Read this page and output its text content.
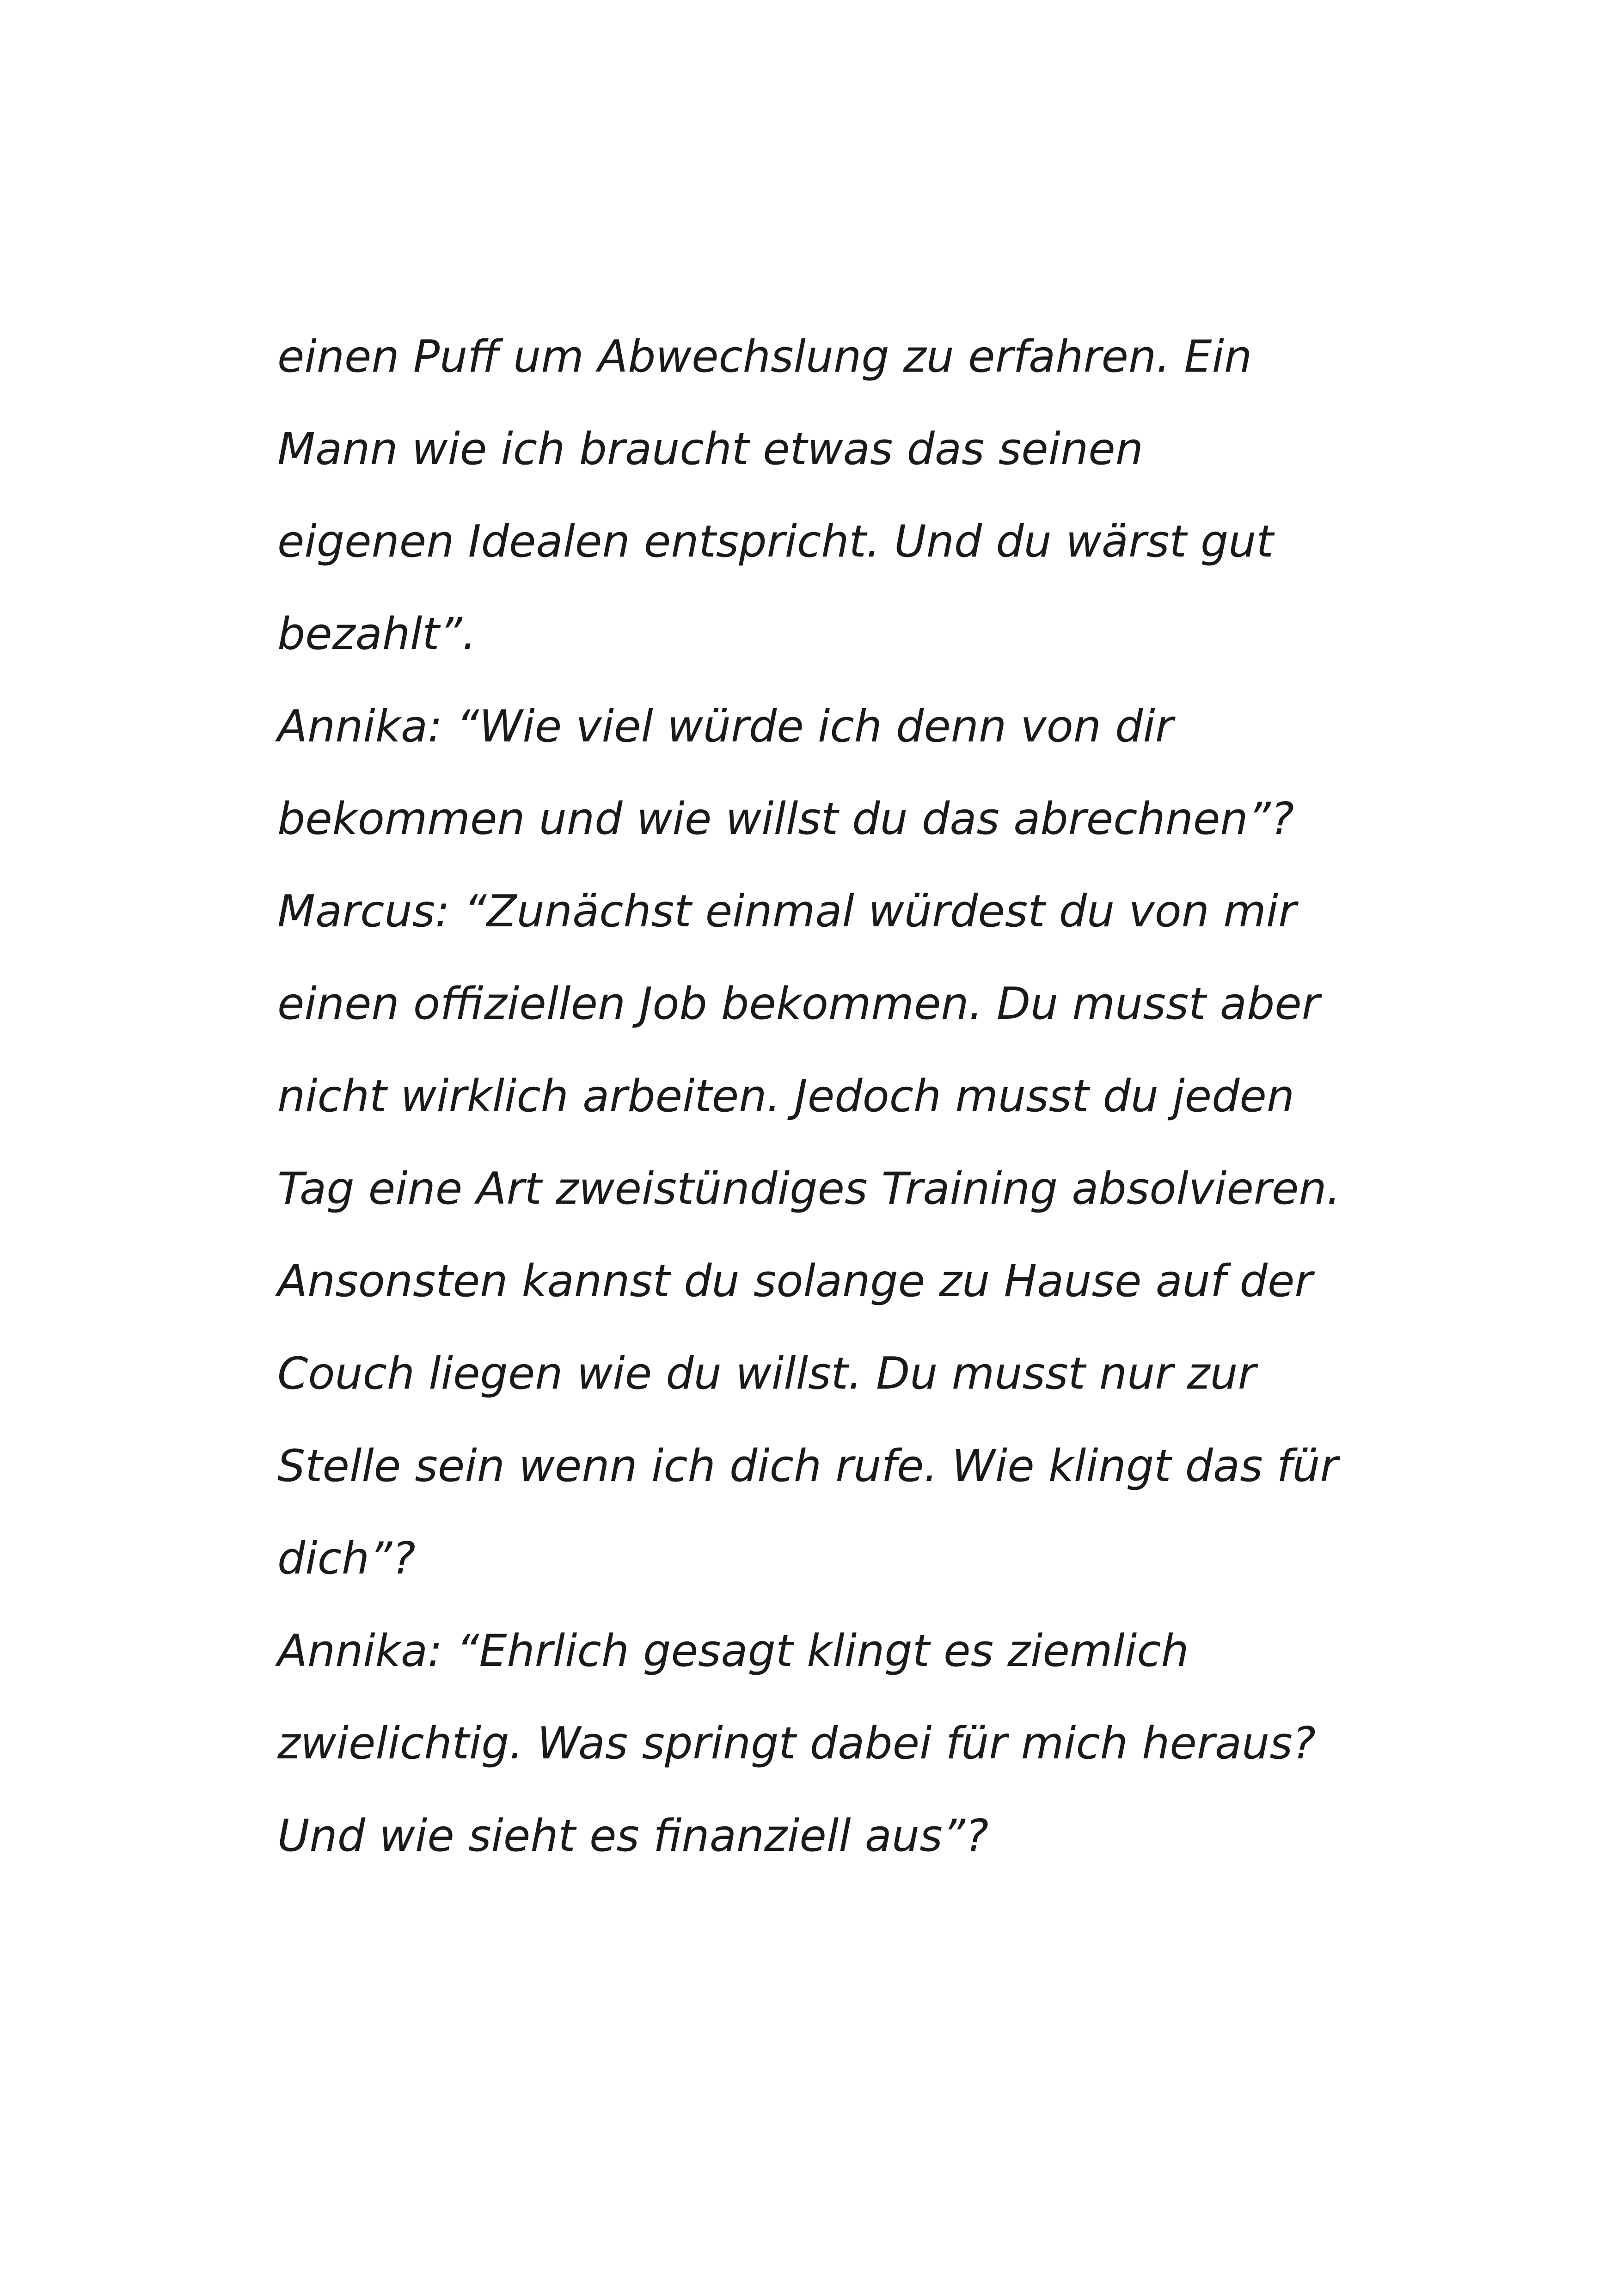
einen Puff um Abwechslung zu erfahren. Ein
Mann wie ich braucht etwas das seinen
eigenen Idealen entspricht. Und du wärst gut
bezahlt”.
Annika: “Wie viel würde ich denn von dir
bekommen und wie willst du das abrechnen”?
Marcus: “Zunächst einmal würdest du von mir
einen offiziellen Job bekommen. Du musst aber
nicht wirklich arbeiten. Jedoch musst du jeden
Tag eine Art zweistündiges Training absolvieren.
Ansonsten kannst du solange zu Hause auf der
Couch liegen wie du willst. Du musst nur zur
Stelle sein wenn ich dich rufe. Wie klingt das für
dich”?
Annika: “Ehrlich gesagt klingt es ziemlich
zwielichtig. Was springt dabei für mich heraus?
Und wie sieht es finanziell aus”?
